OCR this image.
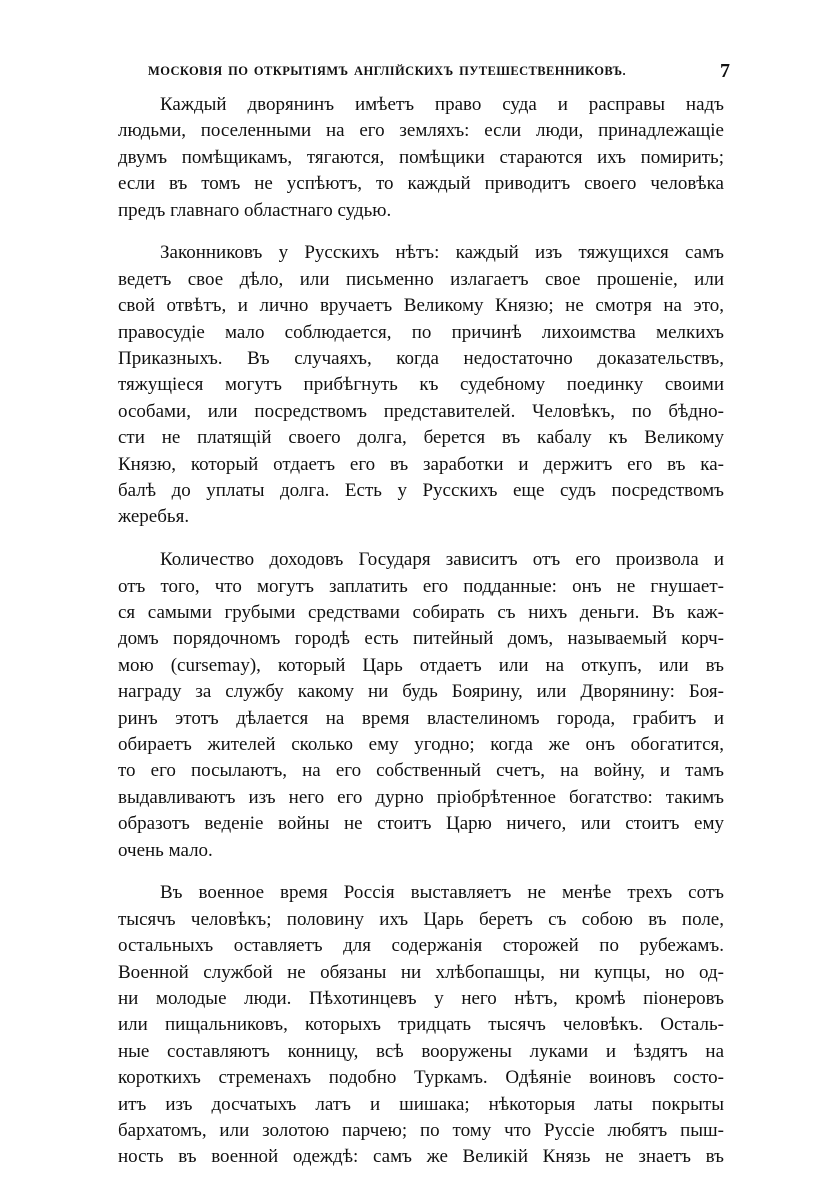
МОСКОВІЯ ПО ОТКРЫТІЯМЪ АНГЛІЙСКИХЪ ПУТЕШЕСТВЕННИКОВЪ.	7
Каждый дворянинъ имѣетъ право суда и расправы надъ
людьми, поселенными на его земляхъ: если люди, принадлежащіе
двумъ помѣщикамъ, тягаются, помѣщики стараются ихъ помирить;
если въ томъ не успѣютъ, то каждый приводитъ своего человѣка
предъ главнаго областнаго судью.
Законниковъ у Русскихъ нѣтъ: каждый изъ тяжущихся самъ
ведетъ свое дѣло, или письменно излагаетъ свое прошеніе, или
свой отвѣтъ, и лично вручаетъ Великому Князю; не смотря на это,
правосудіе мало соблюдается, по причинѣ лихоимства мелкихъ
Приказныхъ. Въ случаяхъ, когда недостаточно доказательствъ,
тяжущіеся могутъ прибѣгнуть къ судебному поединку своими
особами, или посредствомъ представителей. Человѣкъ, по бѣдно-
сти не платящій своего долга, берется въ кабалу къ Великому
Князю, который отдаетъ его въ заработки и держитъ его въ ка-
балѣ до уплаты долга. Есть у Русскихъ еще судъ посредствомъ
жеребья.
Количество доходовъ Государя зависитъ отъ его произвола и
отъ того, что могутъ заплатить его подданные: онъ не гнушает-
ся самыми грубыми средствами собирать съ нихъ деньги. Въ каж-
домъ порядочномъ городѣ есть питейный домъ, называемый корч-
мою (cursemay), который Царь отдаетъ или на откупъ, или въ
награду за службу какому ни будь Боярину, или Дворянину: Боя-
ринъ этотъ дѣлается на время властелиномъ города, грабитъ и
обираетъ жителей сколько ему угодно; когда же онъ обогатится,
то его посылаютъ, на его собственный счетъ, на войну, и тамъ
выдавливаютъ изъ него его дурно пріобрѣтенное богатство: такимъ
образотъ веденіе войны не стоитъ Царю ничего, или стоитъ ему
очень мало.
Въ военное время Россія выставляетъ не менѣе трехъ сотъ
тысячъ человѣкъ; половину ихъ Царь беретъ съ собою въ поле,
остальныхъ оставляетъ для содержанія сторожей по рубежамъ.
Военной службой не обязаны ни хлѣбопашцы, ни купцы, но од-
ни молодые люди. Пѣхотинцевъ у него нѣтъ, кромѣ піонеровъ
или пищальниковъ, которыхъ тридцать тысячъ человѣкъ. Осталь-
ные составляютъ конницу, всѣ вооружены луками и ѣздятъ на
короткихъ стременахъ подобно Туркамъ. Одѣяніе воиновъ состо-
итъ изъ досчатыхъ латъ и шишака; нѣкоторыя латы покрыты
бархатомъ, или золотою парчею; по тому что Руссіе любятъ пыш-
ность въ военной одеждѣ: самъ же Великій Князь не знаетъ въ
